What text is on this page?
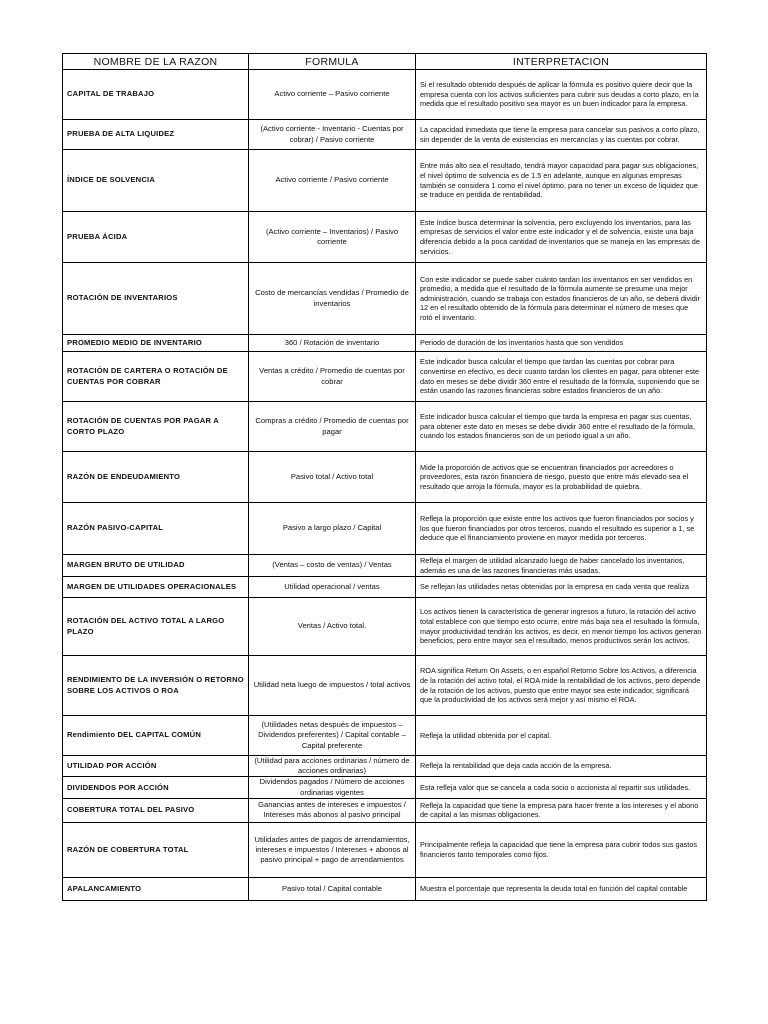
NOMBRE DE LA RAZON	FORMULA	INTERPRETACION
CAPITAL DE TRABAJO	Activo corriente – Pasivo corriente	Si el resultado obtenido después de aplicar la fórmula es positivo quiere decir que la empresa cuenta con los activos suficientes para cubrir sus deudas a corto plazo, en la medida que el resultado positivo sea mayor es un buen indicador para la empresa.
PRUEBA DE ALTA LIQUIDEZ	(Activo corriente - Inventario - Cuentas por cobrar) / Pasivo corriente	La capacidad inmediata que tiene la empresa para cancelar sus pasivos a corto plazo, sin depender de la venta de existencias en mercancías y las cuentas por cobrar.
ÍNDICE DE SOLVENCIA	Activo corriente / Pasivo corriente	Entre más alto sea el resultado, tendrá mayor capacidad para pagar sus obligaciones, el nivel óptimo de solvencia es de 1.5 en adelante, aunque en algunas empresas también se considera 1 como el nivel óptimo, para no tener un exceso de liquidez que se traduce en perdida de rentabilidad.
PRUEBA ÁCIDA	(Activo corriente – Inventarios) / Pasivo corriente	Este índice busca determinar la solvencia, pero excluyendo los inventarios, para las empresas de servicios el valor entre este indicador y el de solvencia, existe una baja diferencia debido a la poca cantidad de inventarios que se maneja en las empresas de servicios.
ROTACIÓN DE INVENTARIOS	Costo de mercancías vendidas / Promedio de inventarios	Con este indicador se puede saber cuánto tardan los inventarios en ser vendidos en promedio, a medida que el resultado de la fórmula aumente se presume una mejor administración, cuando se trabaja con estados financieros de un año, se deberá dividir 12 en el resultado obtenido de la fórmula para determinar el número de meses que rotó el inventario.
PROMEDIO MEDIO DE INVENTARIO	360 / Rotación de inventario	Periodo de duración de los inventarios hasta que son vendidos
ROTACIÓN DE CARTERA O ROTACIÓN DE CUENTAS POR COBRAR	Ventas a crédito / Promedio de cuentas por cobrar	Este indicador busca calcular el tiempo que tardan las cuentas por cobrar para convertirse en efectivo, es decir cuanto tardan los clientes en pagar, para obtener este dato en meses se debe dividir 360 entre el resultado de la fórmula, suponiendo que se están usando las razones financieras sobre estados financieros de un año.
ROTACIÓN DE CUENTAS POR PAGAR A CORTO PLAZO	Compras a crédito / Promedio de cuentas por pagar	Este indicador busca calcular el tiempo que tarda la empresa en pagar sus cuentas, para obtener este dato en meses se debe dividir 360 entre el resultado de la fórmula, cuando los estados financieros son de un periodo igual a un año.
RAZÓN DE ENDEUDAMIENTO	Pasivo total / Activo total	Mide la proporción de activos que se encuentran financiados por acreedores o proveedores, esta razón financiera de riesgo, puesto que entre más elevado sea el resultado que arroja la fórmula, mayor es la probabilidad de quiebra.
RAZÓN PASIVO-CAPITAL	Pasivo a largo plazo / Capital	Refleja la proporción que existe entre los activos que fueron financiados por socios y los que fueron financiados por otros terceros, cuando el resultado es superior a 1, se deduce que el financiamiento proviene en mayor medida por terceros.
MARGEN BRUTO DE UTILIDAD	(Ventas – costo de ventas) / Ventas	Refleja el margen de utilidad alcanzado luego de haber cancelado los inventarios, además es una de las razones financieras más usadas.
MARGEN DE UTILIDADES OPERACIONALES	Utilidad operacional / ventas	Se reflejan las utilidades netas obtenidas por la empresa en cada venta que realiza
ROTACIÓN DEL ACTIVO TOTAL A LARGO PLAZO	Ventas / Activo total.	Los activos tienen la característica de generar ingresos a futuro, la rotación del activo total establece con que tiempo esto ocurre, entre más baja sea el resultado la fórmula, mayor productividad tendrán los activos, es decir, en menor tiempo los activos generan beneficios, pero entre mayor sea el resultado, menos productivos serán los activos.
RENDIMIENTO DE LA INVERSIÓN O RETORNO SOBRE LOS ACTIVOS O ROA	Utilidad neta luego de impuestos / total activos	ROA significa Return On Assets, o en español Retorno Sobre los Activos, a diferencia de la rotación del activo total, el ROA mide la rentabilidad de los activos, pero depende de la rotación de los activos, puesto que entre mayor sea este indicador, significará que la productividad de los activos será mejor y así mismo el ROA.
Rendimiento DEL CAPITAL COMÚN	(Utilidades netas después de impuestos – Dividendos preferentes) / Capital contable – Capital preferente	Refleja la utilidad obtenida por el capital.
UTILIDAD POR ACCIÓN	(Utilidad para acciones ordinarias / número de acciones ordinarias)	Refleja la rentabilidad que deja cada acción de la empresa.
DIVIDENDOS POR ACCIÓN	Dividendos pagados / Número de acciones ordinarias vigentes	Esta refleja valor que se cancela a cada socio o accionista al repartir sus utilidades.
COBERTURA TOTAL DEL PASIVO	Ganancias antes de intereses e impuestos / Intereses más abonos al pasivo principal	Refleja la capacidad que tiene la empresa para hacer frente a los intereses y el abono de capital a las mismas obligaciones.
RAZÓN DE COBERTURA TOTAL	Utilidades antes de pagos de arrendamientos, intereses e impuestos / Intereses + abonos al pasivo principal + pago de arrendamientos	Principalmente refleja la capacidad que tiene la empresa para cubrir todos sus gastos financieros tanto temporales como fijos.
APALANCAMIENTO	Pasivo total / Capital contable	Muestra el porcentaje que representa la deuda total en función del capital contable
